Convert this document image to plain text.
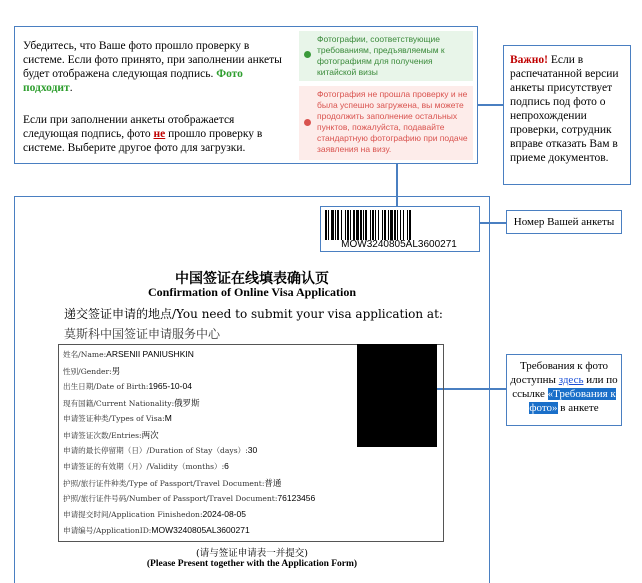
Убедитесь, что Ваше фото прошло проверку в системе. Если фото принято, при заполнении анкеты будет отображена следующая подпись. Фото подходит.
Если при заполнении анкеты отображается следующая подпись, фото не прошло проверку в системе. Выберите другое фото для загрузки.
Фотографии, соответствующие требованиям, предъявляемым к фотографиям для получения китайской визы
Фотография не прошла проверку и не была успешно загружена, вы можете продолжить заполнение остальных пунктов, пожалуйста, подавайте стандартную фотографию при подаче заявления на визу.
Важно! Если в распечатанной версии анкеты присутствует подпись под фото о непрохождении проверки, сотрудник вправе отказать Вам в приеме документов.
MOW3240805AL3600271
中国签证在线填表确认页
Confirmation of Online Visa Application
递交签证申请的地点/You need to submit your visa application at:
莫斯科中国签证申请服务中心
姓名/Name:ARSENII PANIUSHKIN
性别/Gender:男
出生日期/Date of Birth:1965-10-04
现有国籍/Current Nationality:俄罗斯
申请签证种类/Types of Visa:M
申请签证次数/Entries:两次
申请的最长停留期（日）/Duration of Stay（days）:30
申请签证的有效期（月）/Validity（months）:6
护照/旅行证件种类/Type of Passport/Travel Document:普通
护照/旅行证件号码/Number of Passport/Travel Document:76123456
申请提交时间/Application Finishedon:2024-08-05
申请编号/ApplicationID:MOW3240805AL3600271
(请与签证申请表一并提交)
(Please Present together with the Application Form)
Номер Вашей анкеты
Требования к фото доступны здесь или по ссылке «Требования к фото» в анкете
